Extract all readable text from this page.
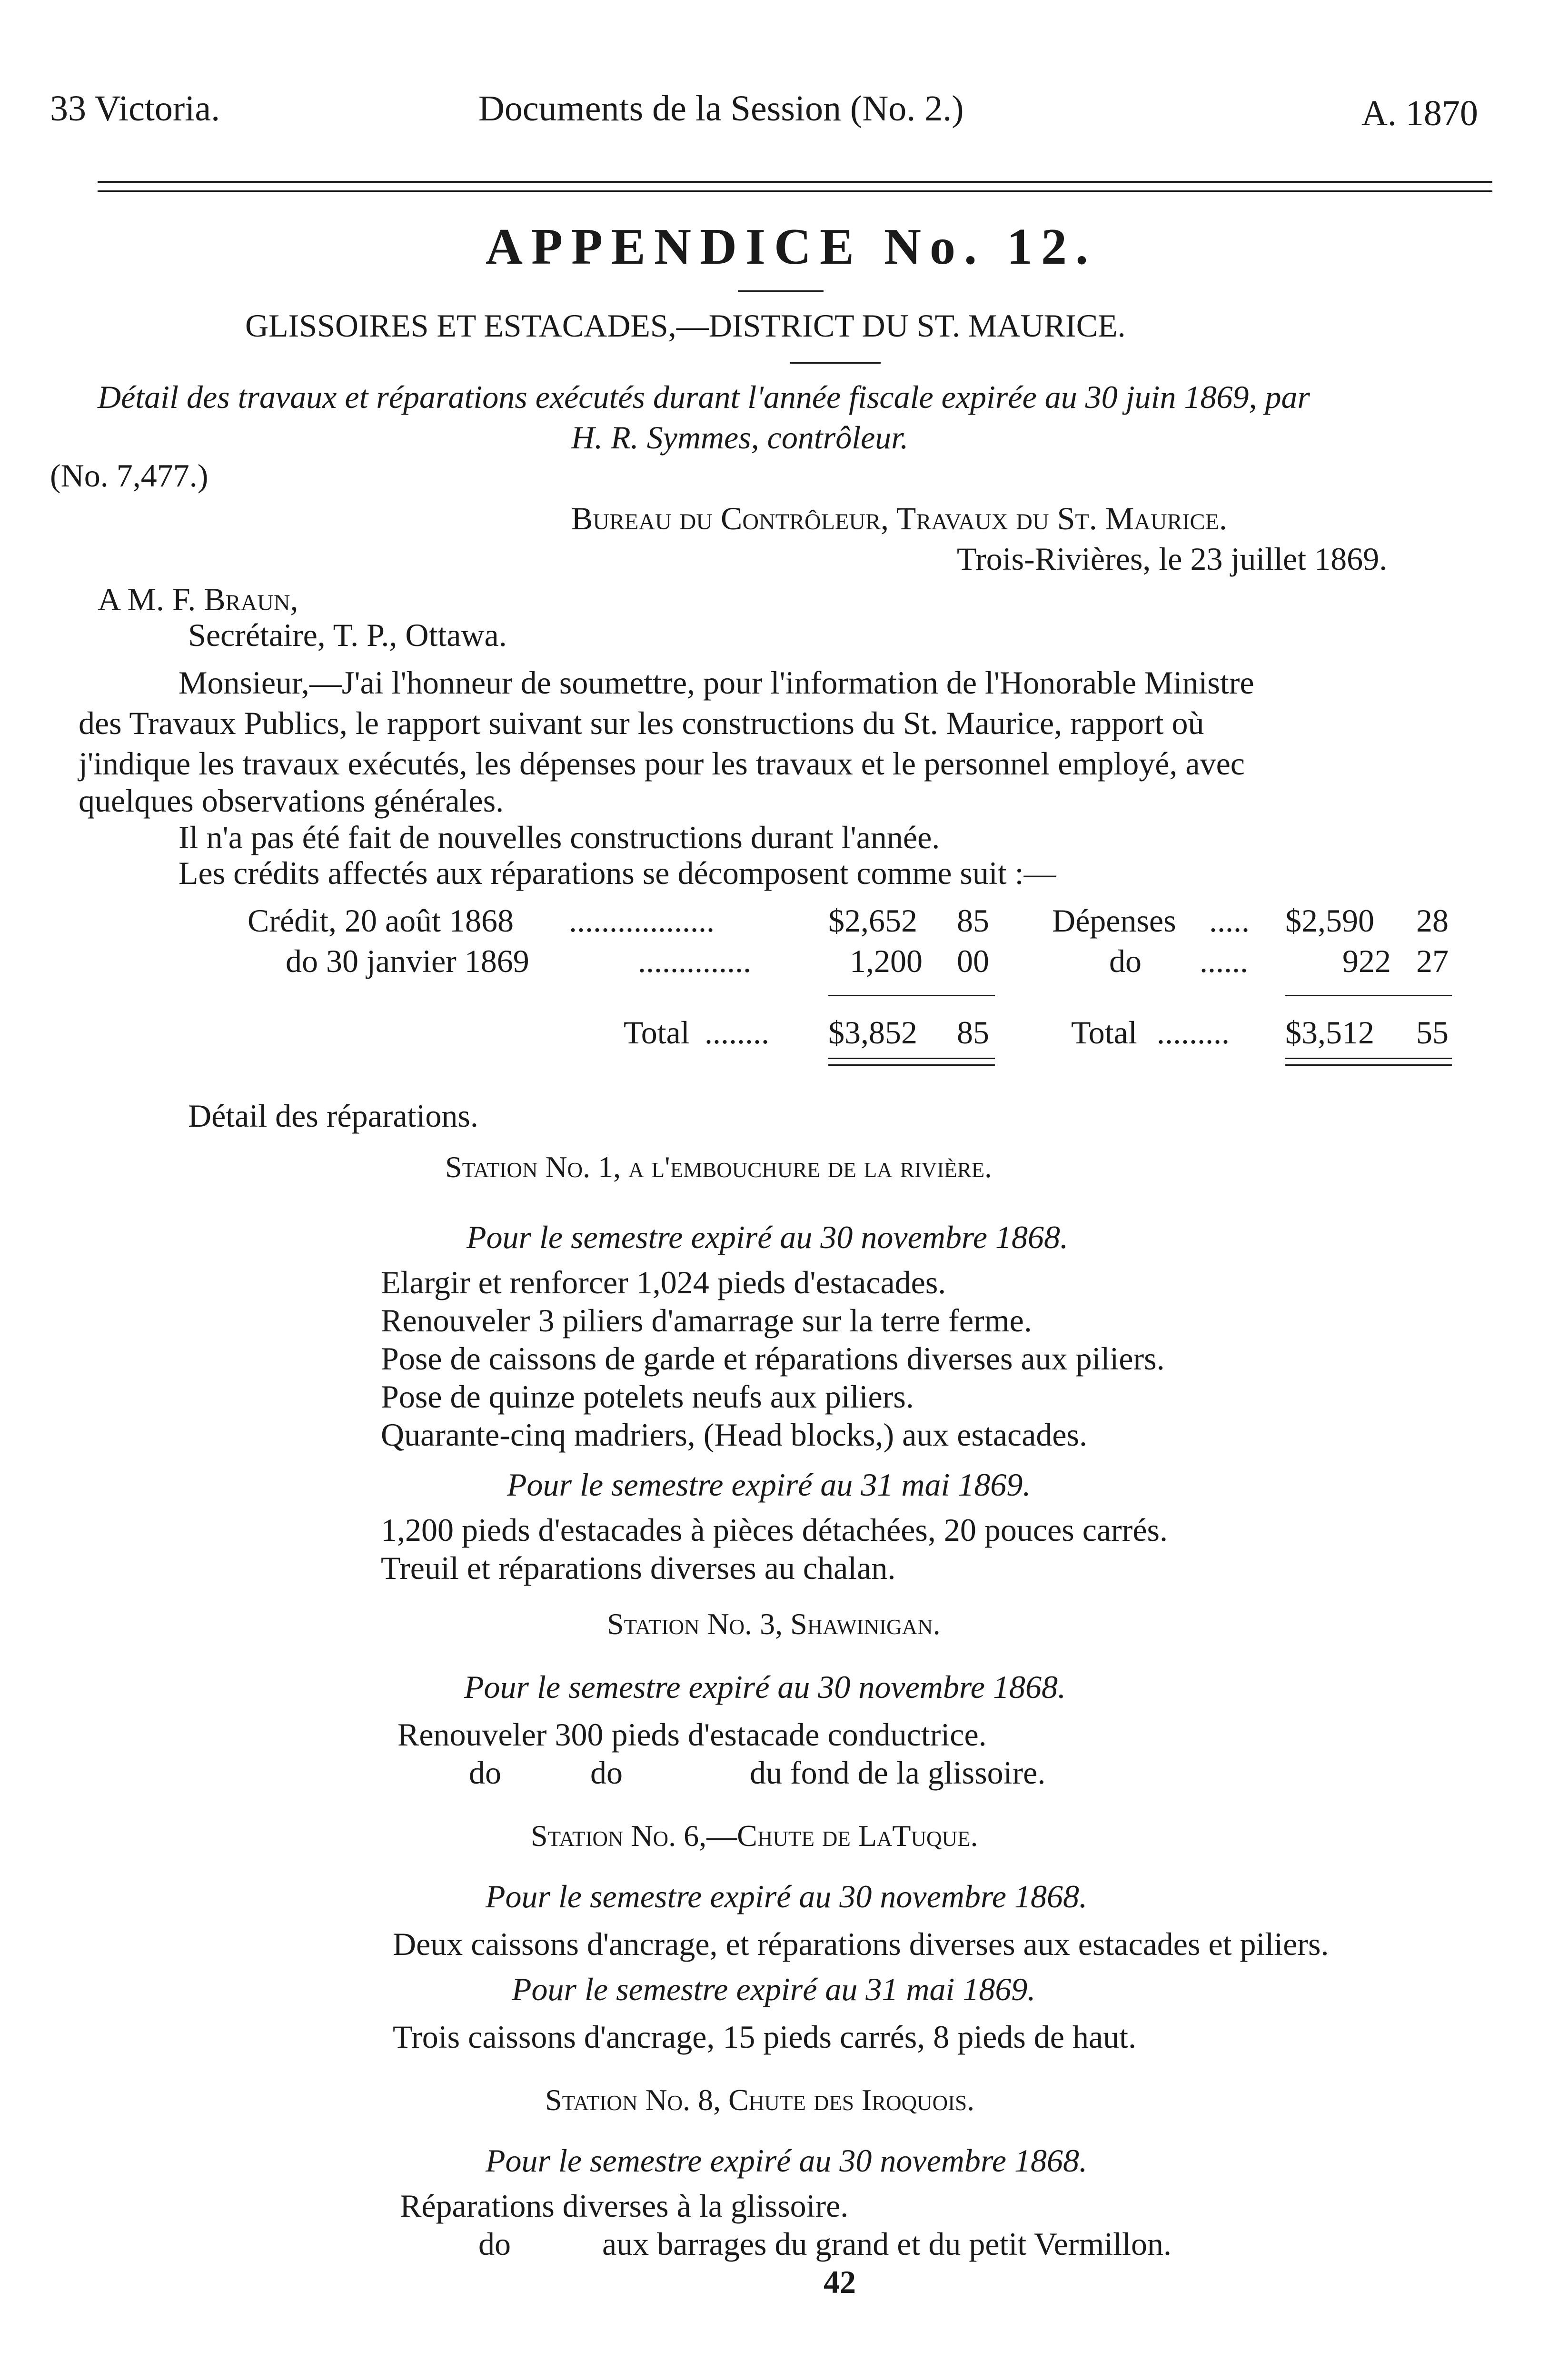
33 Victoria.	Documents de la Session (No. 2.)	A. 1870
APPENDICE No. 12.
GLISSOIRES ET ESTACADES,—DISTRICT DU ST. MAURICE.
Détail des travaux et réparations exécutés durant l'année fiscale expirée au 30 juin 1869, par
H. R. Symmes, contrôleur.
(No. 7,477.)
Bureau du Contrôleur, Travaux du St. Maurice.
Trois-Rivières, le 23 juillet 1869.
A M. F. Braun,
Secrétaire, T. P., Ottawa.
Monsieur,—J'ai l'honneur de soumettre, pour l'information de l'Honorable Ministre
des Travaux Publics, le rapport suivant sur les constructions du St. Maurice, rapport où
j'indique les travaux exécutés, les dépenses pour les travaux et le personnel employé, avec
quelques observations générales.
Il n'a pas été fait de nouvelles constructions durant l'année.
Les crédits affectés aux réparations se décomposent comme suit :—
Crédit, 20 août 1868 ..................	$2,652 85 Dépenses ..... $2,590 28
do 30 janvier 1869	..............	1,200 00	do ......	922 27
Total ........ $3,852 85	Total ......... $3,512 55
Détail des réparations.
Station No. 1, a l'embouchure de la rivière.
Pour le semestre expiré au 30 novembre 1868.
Elargir et renforcer 1,024 pieds d'estacades.
Renouveler 3 piliers d'amarrage sur la terre ferme.
Pose de caissons de garde et réparations diverses aux piliers.
Pose de quinze potelets neufs aux piliers.
Quarante-cinq madriers, (Head blocks,) aux estacades.
Pour le semestre expiré au 31 mai 1869.
1,200 pieds d'estacades à pièces détachées, 20 pouces carrés.
Treuil et réparations diverses au chalan.
Station No. 3, Shawinigan.
Pour le semestre expiré au 30 novembre 1868.
Renouveler 300 pieds d'estacade conductrice.
do	do	du fond de la glissoire.
Station No. 6,—Chute de LaTuque.
Pour le semestre expiré au 30 novembre 1868.
Deux caissons d'ancrage, et réparations diverses aux estacades et piliers.
Pour le semestre expiré au 31 mai 1869.
Trois caissons d'ancrage, 15 pieds carrés, 8 pieds de haut.
Station No. 8, Chute des Iroquois.
Pour le semestre expiré au 30 novembre 1868.
Réparations diverses à la glissoire.
do	aux barrages du grand et du petit Vermillon.
42
